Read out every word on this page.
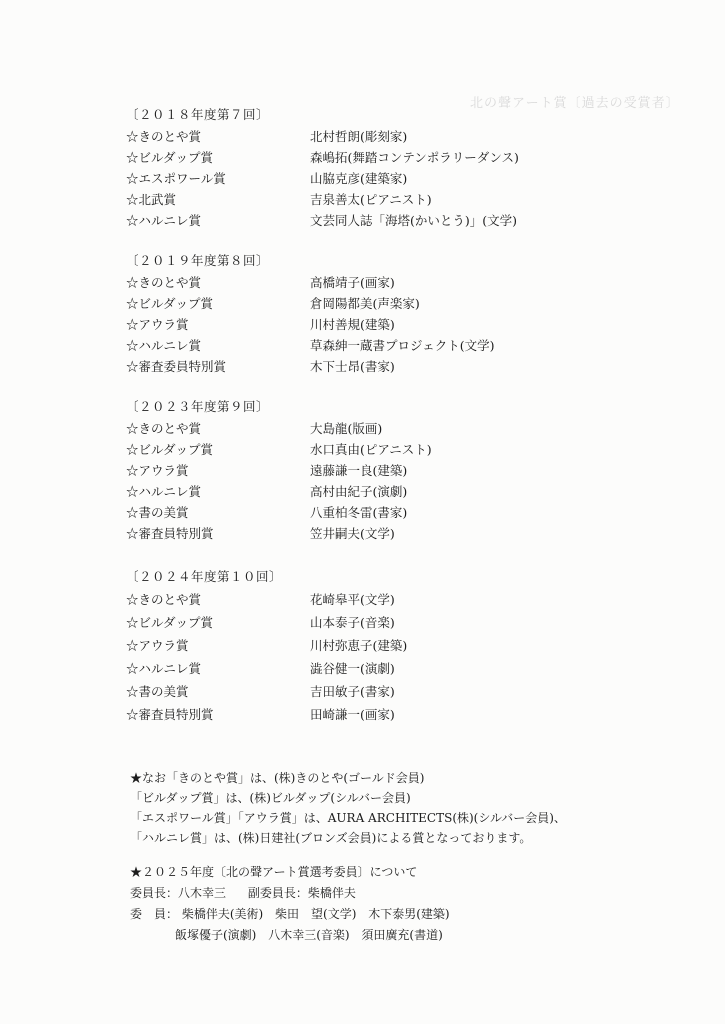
北の聲アート賞〔過去の受賞者〕
〔２０１８年度第７回〕
☆きのとや賞	北村哲朗(彫刻家)
☆ビルダップ賞	森嶋拓(舞踏コンテンポラリーダンス)
☆エスポワール賞	山脇克彦(建築家)
☆北武賞	吉泉善太(ピアニスト)
☆ハルニレ賞	文芸同人誌「海塔(かいとう)」(文学)
〔２０１９年度第８回〕
☆きのとや賞	高橋靖子(画家)
☆ビルダップ賞	倉岡陽都美(声楽家)
☆アウラ賞	川村善規(建築)
☆ハルニレ賞	草森紳一蔵書プロジェクト(文学)
☆審査委員特別賞	木下士昂(書家)
〔２０２３年度第９回〕
☆きのとや賞	大島龍(版画)
☆ビルダップ賞	水口真由(ピアニスト)
☆アウラ賞	遠藤謙一良(建築)
☆ハルニレ賞	高村由紀子(演劇)
☆書の美賞	八重柏冬雷(書家)
☆審査員特別賞	笠井嗣夫(文学)
〔２０２４年度第１０回〕
☆きのとや賞	花崎皋平(文学)
☆ビルダップ賞	山本泰子(音楽)
☆アウラ賞	川村弥恵子(建築)
☆ハルニレ賞	澁谷健一(演劇)
☆書の美賞	吉田敏子(書家)
☆審査員特別賞	田崎謙一(画家)
★なお「きのとや賞」は、(株)きのとや(ゴールド会員)
「ビルダップ賞」は、(株)ビルダップ(シルバー会員)
「エスポワール賞」「アウラ賞」は、AURA ARCHITECTS(株)(シルバー会員)、
「ハルニレ賞」は、(株)日建社(ブロンズ会員)による賞となっております。
★２０２５年度〔北の聲アート賞選考委員〕について
委員長：八木幸三 副委員長：柴橋伴夫
委　員： 柴橋伴夫(美術) 柴田　望(文学) 木下泰男(建築)
飯塚優子(演劇) 八木幸三(音楽) 須田廣充(書道)
